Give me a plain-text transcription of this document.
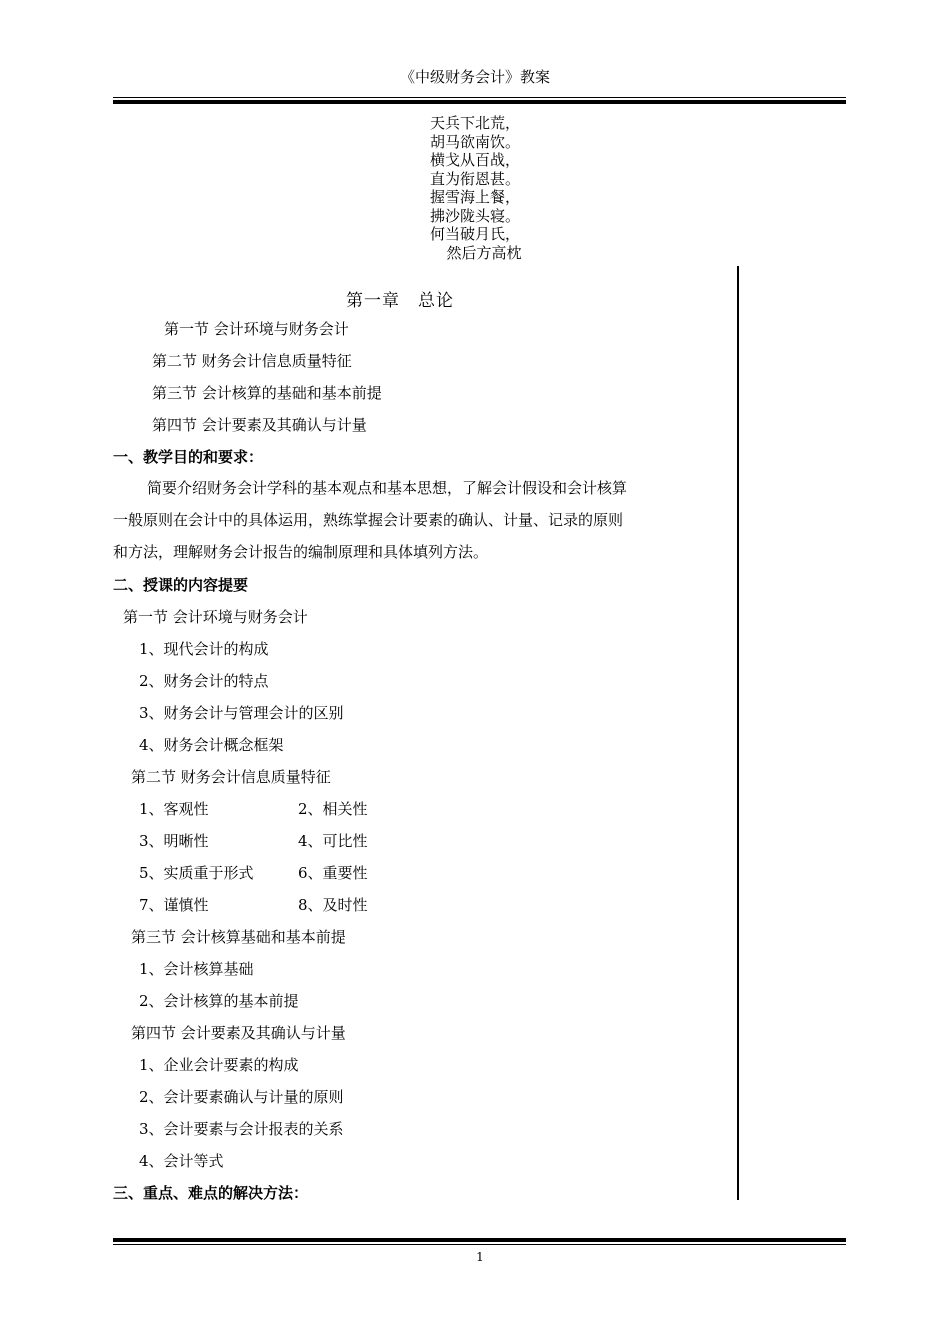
《中级财务会计》教案
天兵下北荒，
胡马欲南饮。
横戈从百战，
直为衔恩甚。
握雪海上餐，
拂沙陇头寝。
何当破月氏，
然后方高枕
第一章　总论
第一节 会计环境与财务会计
第二节 财务会计信息质量特征
第三节 会计核算的基础和基本前提
第四节 会计要素及其确认与计量
一、教学目的和要求：
简要介绍财务会计学科的基本观点和基本思想，了解会计假设和会计核算
一般原则在会计中的具体运用，熟练掌握会计要素的确认、计量、记录的原则
和方法，理解财务会计报告的编制原理和具体填列方法。
二、授课的内容提要
第一节 会计环境与财务会计
1、现代会计的构成
2、财务会计的特点
3、财务会计与管理会计的区别
4、财务会计概念框架
第二节 财务会计信息质量特征
1、客观性	2、相关性
3、明晰性	4、可比性
5、实质重于形式	6、重要性
7、谨慎性	8、及时性
第三节 会计核算基础和基本前提
1、会计核算基础
2、会计核算的基本前提
第四节 会计要素及其确认与计量
1、企业会计要素的构成
2、会计要素确认与计量的原则
3、会计要素与会计报表的关系
4、会计等式
三、重点、难点的解决方法：
1
